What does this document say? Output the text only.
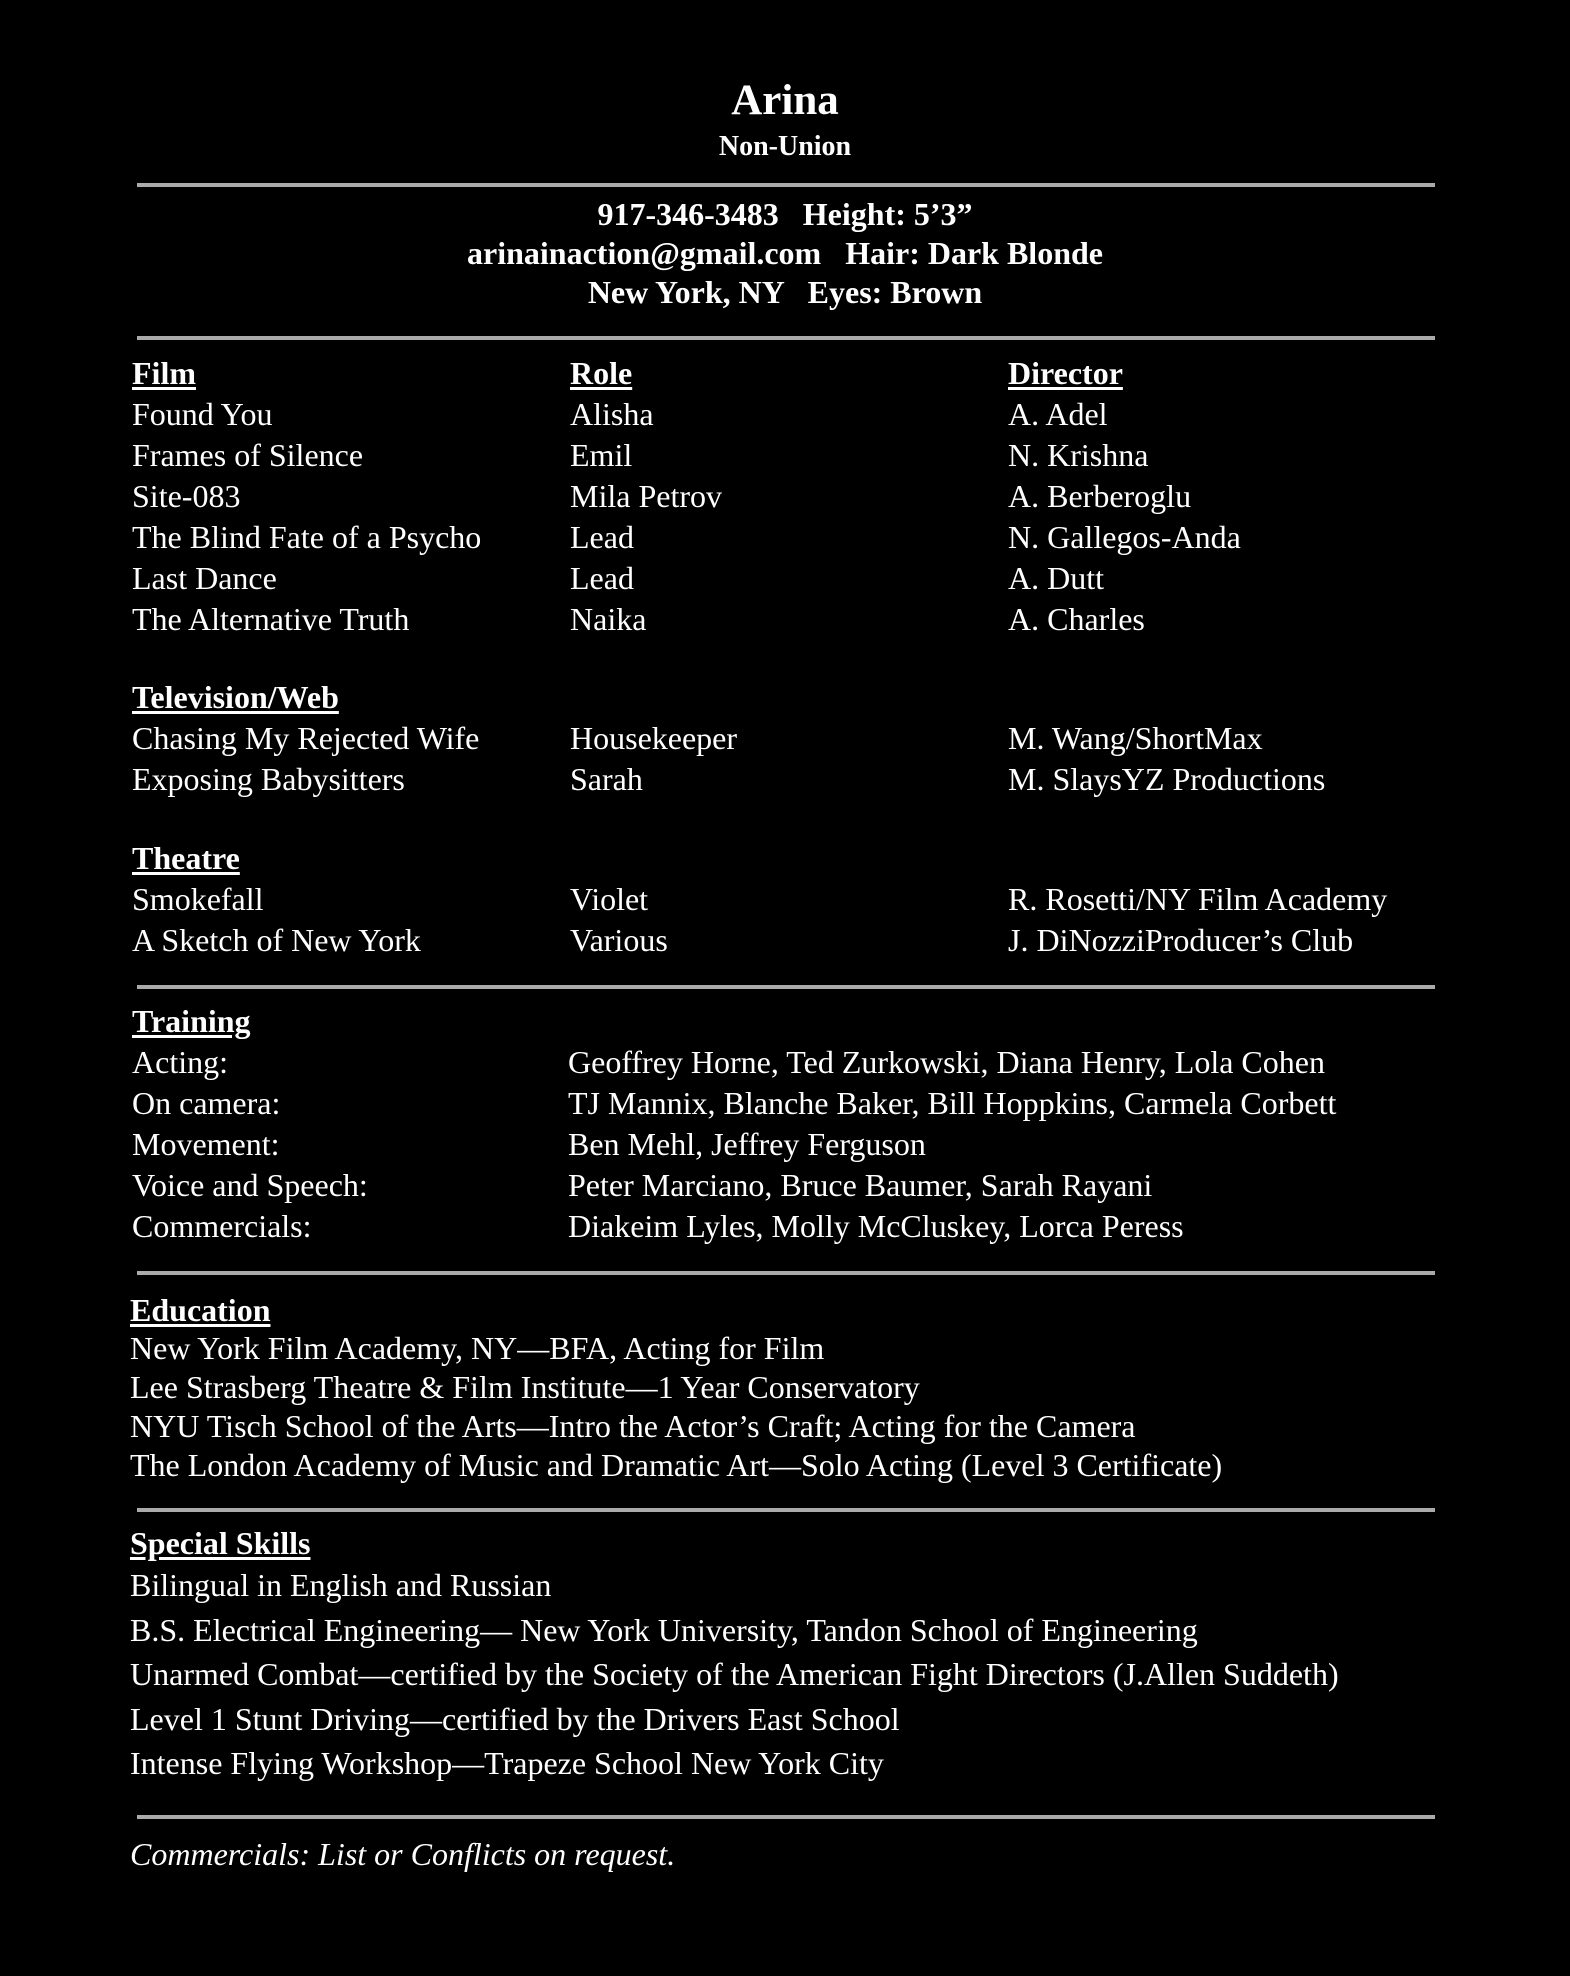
Arina
Non-Union
917-346-3483   Height: 5’3”
arinainaction@gmail.com   Hair: Dark Blonde
New York, NY   Eyes: Brown
Film	Role	Director
Found You	Alisha	A. Adel
Frames of Silence	Emil	N. Krishna
Site-083	Mila Petrov	A. Berberoglu
The Blind Fate of a Psycho	Lead	N. Gallegos-Anda
Last Dance	Lead	A. Dutt
The Alternative Truth	Naika	A. Charles
Television/Web
Chasing My Rejected Wife	Housekeeper	M. Wang/ShortMax
Exposing Babysitters	Sarah	M. SlaysYZ Productions
Theatre
Smokefall	Violet	R. Rosetti/NY Film Academy
A Sketch of New York	Various	J. DiNozziProducer’s Club
Training
Acting:	Geoffrey Horne, Ted Zurkowski, Diana Henry, Lola Cohen
On camera:	TJ Mannix, Blanche Baker, Bill Hoppkins, Carmela Corbett
Movement:	Ben Mehl, Jeffrey Ferguson
Voice and Speech:	Peter Marciano, Bruce Baumer, Sarah Rayani
Commercials:	Diakeim Lyles, Molly McCluskey, Lorca Peress
Education
New York Film Academy, NY—BFA, Acting for Film
Lee Strasberg Theatre & Film Institute—1 Year Conservatory
NYU Tisch School of the Arts—Intro the Actor’s Craft; Acting for the Camera
The London Academy of Music and Dramatic Art—Solo Acting (Level 3 Certificate)
Special Skills
Bilingual in English and Russian
B.S. Electrical Engineering— New York University, Tandon School of Engineering
Unarmed Combat—certified by the Society of the American Fight Directors (J.Allen Suddeth)
Level 1 Stunt Driving—certified by the Drivers East School
Intense Flying Workshop—Trapeze School New York City
Commercials: List or Conflicts on request.
